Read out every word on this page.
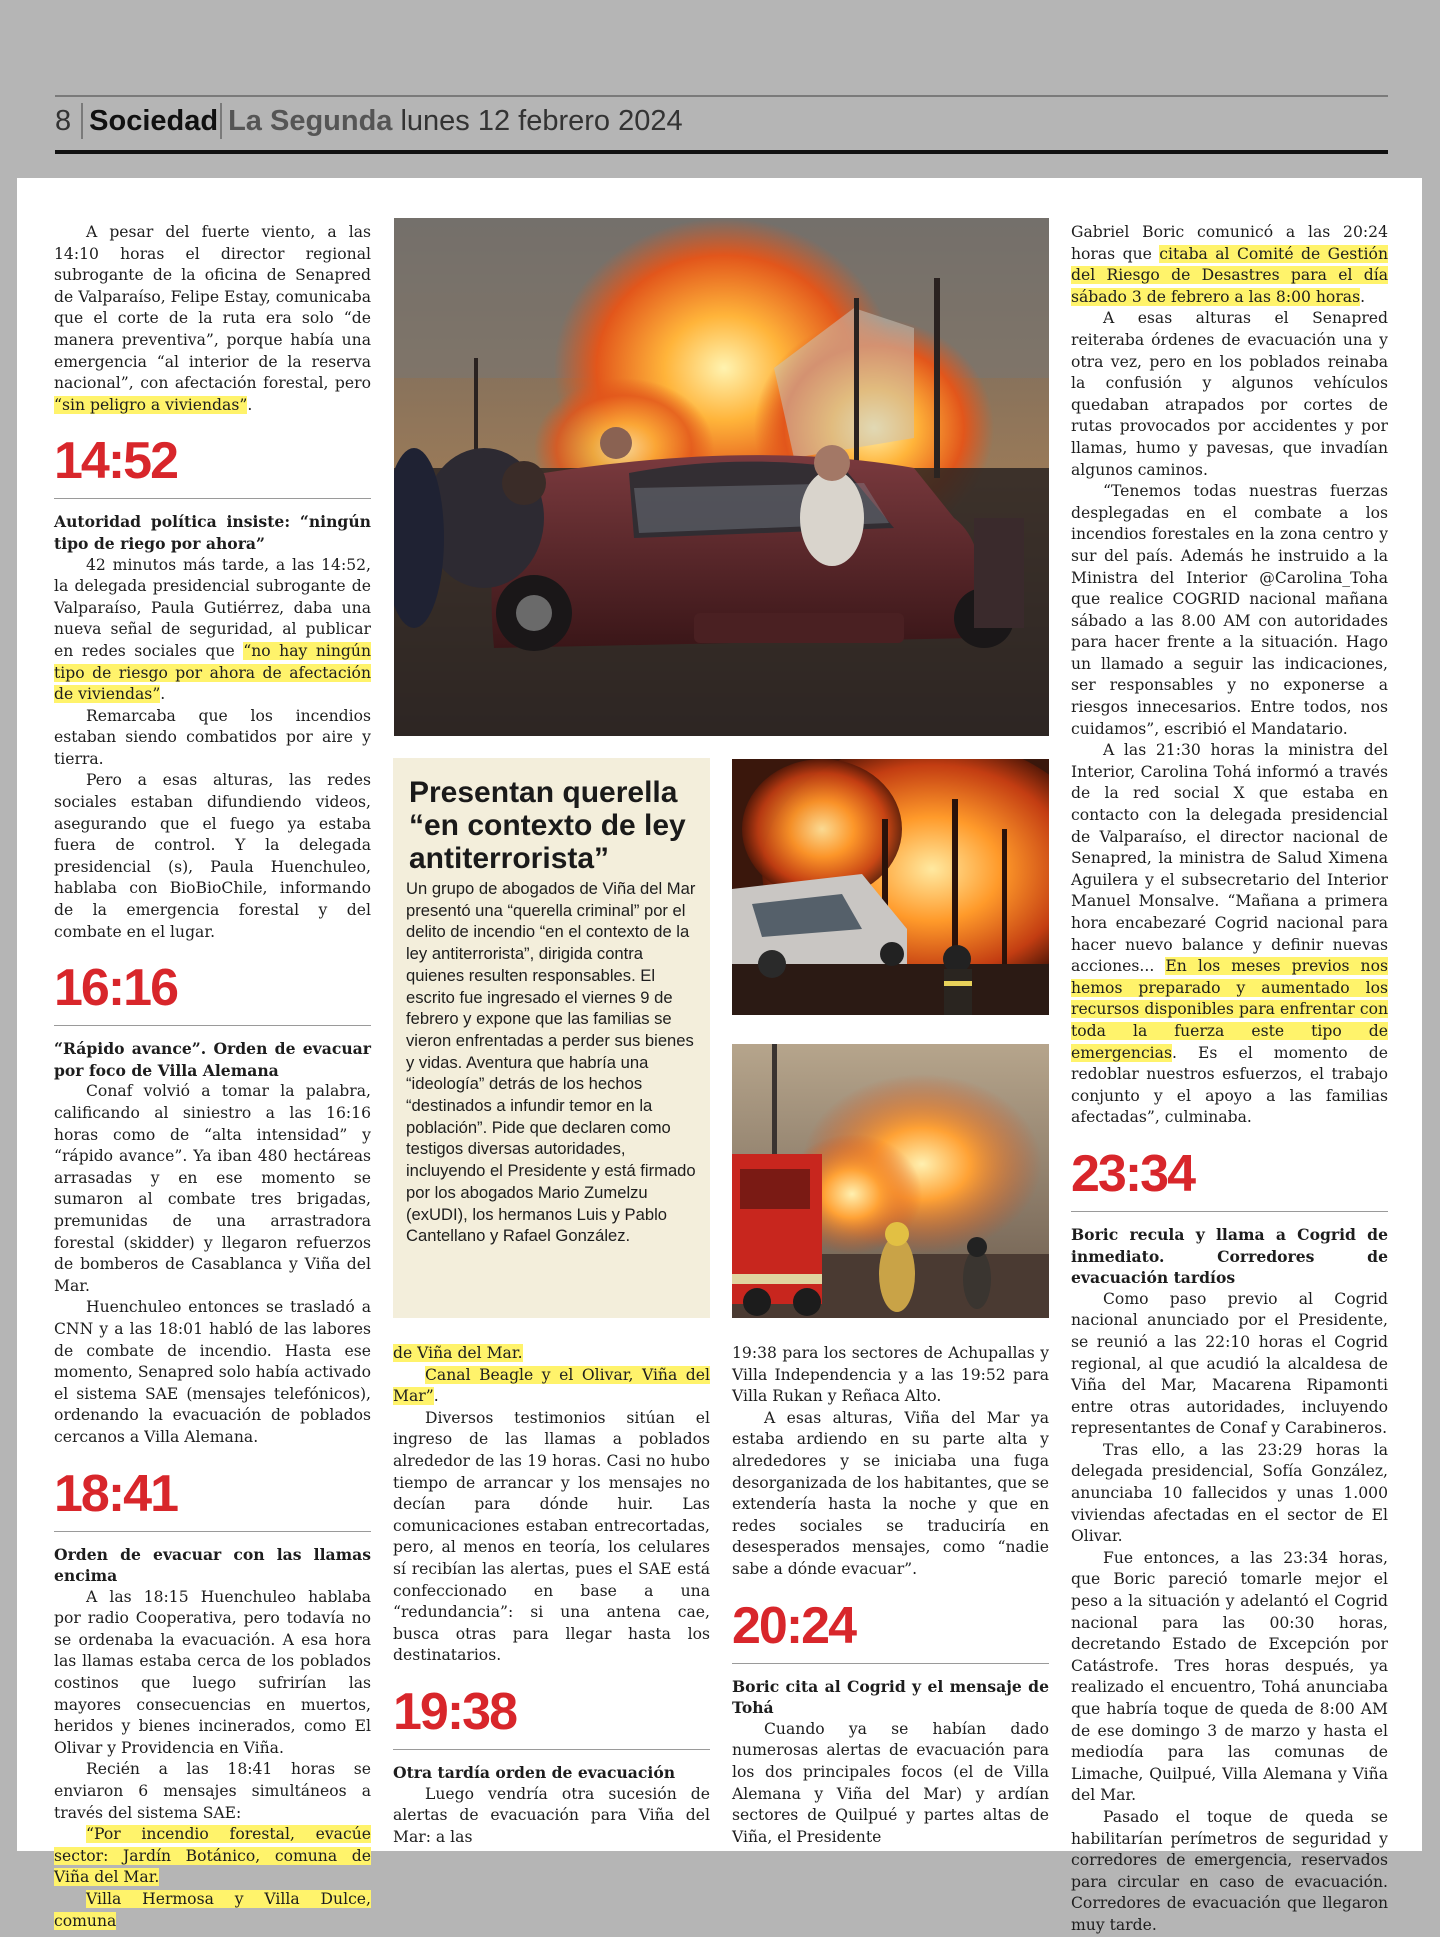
8 Sociedad La Segunda lunes 12 febrero 2024

A pesar del fuerte viento, a las 14:10 horas el director regional subrogante de la oficina de Senapred de Valparaíso, Felipe Estay, comunicaba que el corte de la ruta era solo “de manera preventiva”, porque había una emergencia “al interior de la reserva nacional”, con afectación forestal, pero “sin peligro a viviendas”.

14:52

Autoridad política insiste: “ningún tipo de riego por ahora”

42 minutos más tarde, a las 14:52, la delegada presidencial subrogante de Valparaíso, Paula Gutiérrez, daba una nueva señal de seguridad, al publicar en redes sociales que “no hay ningún tipo de riesgo por ahora de afectación de viviendas”.

Remarcaba que los incendios estaban siendo combatidos por aire y tierra.

Pero a esas alturas, las redes sociales estaban difundiendo videos, asegurando que el fuego ya estaba fuera de control. Y la delegada presidencial (s), Paula Huenchuleo, hablaba con BioBioChile, informando de la emergencia forestal y del combate en el lugar.

16:16

“Rápido avance”. Orden de evacuar por foco de Villa Alemana

Conaf volvió a tomar la palabra, calificando al siniestro a las 16:16 horas como de “alta intensidad” y “rápido avance”. Ya iban 480 hectáreas arrasadas y en ese momento se sumaron al combate tres brigadas, premunidas de una arrastradora forestal (skidder) y llegaron refuerzos de bomberos de Casablanca y Viña del Mar.

Huenchuleo entonces se trasladó a CNN y a las 18:01 habló de las labores de combate de incendio. Hasta ese momento, Senapred solo había activado el sistema SAE (mensajes telefónicos), ordenando la evacuación de poblados cercanos a Villa Alemana.

18:41

Orden de evacuar con las llamas encima

A las 18:15 Huenchuleo hablaba por radio Cooperativa, pero todavía no se ordenaba la evacuación. A esa hora las llamas estaba cerca de los poblados costinos que luego sufrirían las mayores consecuencias en muertos, heridos y bienes incinerados, como El Olivar y Providencia en Viña.

Recién a las 18:41 horas se enviaron 6 mensajes simultáneos a través del sistema SAE:

“Por incendio forestal, evacúe sector: Jardín Botánico, comuna de Viña del Mar.

Villa Hermosa y Villa Dulce, comuna

Presentan querella “en contexto de ley antiterrorista”
Un grupo de abogados de Viña del Mar presentó una “querella criminal” por el delito de incendio “en el contexto de la ley antiterrorista”, dirigida contra quienes resulten responsables. El escrito fue ingresado el viernes 9 de febrero y expone que las familias se vieron enfrentadas a perder sus bienes y vidas. Aventura que habría una “ideología” detrás de los hechos “destinados a infundir temor en la población”. Pide que declaren como testigos diversas autoridades, incluyendo el Presidente y está firmado por los abogados Mario Zumelzu (exUDI), los hermanos Luis y Pablo Cantellano y Rafael González.

de Viña del Mar.

Canal Beagle y el Olivar, Viña del Mar”.

Diversos testimonios sitúan el ingreso de las llamas a poblados alrededor de las 19 horas. Casi no hubo tiempo de arrancar y los mensajes no decían para dónde huir. Las comunicaciones estaban entrecortadas, pero, al menos en teoría, los celulares sí recibían las alertas, pues el SAE está confeccionado en base a una “redundancia”: si una antena cae, busca otras para llegar hasta los destinatarios.

19:38

Otra tardía orden de evacuación

Luego vendría otra sucesión de alertas de evacuación para Viña del Mar: a las

19:38 para los sectores de Achupallas y Villa Independencia y a las 19:52 para Villa Rukan y Reñaca Alto.

A esas alturas, Viña del Mar ya estaba ardiendo en su parte alta y alrededores y se iniciaba una fuga desorganizada de los habitantes, que se extendería hasta la noche y que en redes sociales se traduciría en desesperados mensajes, como “nadie sabe a dónde evacuar”.

20:24

Boric cita al Cogrid y el mensaje de Tohá

Cuando ya se habían dado numerosas alertas de evacuación para los dos principales focos (el de Villa Alemana y Viña del Mar) y ardían sectores de Quilpué y partes altas de Viña, el Presidente

Gabriel Boric comunicó a las 20:24 horas que citaba al Comité de Gestión del Riesgo de Desastres para el día sábado 3 de febrero a las 8:00 horas.

A esas alturas el Senapred reiteraba órdenes de evacuación una y otra vez, pero en los poblados reinaba la confusión y algunos vehículos quedaban atrapados por cortes de rutas provocados por accidentes y por llamas, humo y pavesas, que invadían algunos caminos.

“Tenemos todas nuestras fuerzas desplegadas en el combate a los incendios forestales en la zona centro y sur del país. Además he instruido a la Ministra del Interior @Carolina_Toha que realice COGRID nacional mañana sábado a las 8.00 AM con autoridades para hacer frente a la situación. Hago un llamado a seguir las indicaciones, ser responsables y no exponerse a riesgos innecesarios. Entre todos, nos cuidamos”, escribió el Mandatario.

A las 21:30 horas la ministra del Interior, Carolina Tohá informó a través de la red social X que estaba en contacto con la delegada presidencial de Valparaíso, el director nacional de Senapred, la ministra de Salud Ximena Aguilera y el subsecretario del Interior Manuel Monsalve. “Mañana a primera hora encabezaré Cogrid nacional para hacer nuevo balance y definir nuevas acciones... En los meses previos nos hemos preparado y aumentado los recursos disponibles para enfrentar con toda la fuerza este tipo de emergencias. Es el momento de redoblar nuestros esfuerzos, el trabajo conjunto y el apoyo a las familias afectadas”, culminaba.

23:34

Boric recula y llama a Cogrid de inmediato. Corredores de evacuación tardíos

Como paso previo al Cogrid nacional anunciado por el Presidente, se reunió a las 22:10 horas el Cogrid regional, al que acudió la alcaldesa de Viña del Mar, Macarena Ripamonti entre otras autoridades, incluyendo representantes de Conaf y Carabineros.

Tras ello, a las 23:29 horas la delegada presidencial, Sofía González, anunciaba 10 fallecidos y unas 1.000 viviendas afectadas en el sector de El Olivar.

Fue entonces, a las 23:34 horas, que Boric pareció tomarle mejor el peso a la situación y adelantó el Cogrid nacional para las 00:30 horas, decretando Estado de Excepción por Catástrofe. Tres horas después, ya realizado el encuentro, Tohá anunciaba que habría toque de queda de 8:00 AM de ese domingo 3 de marzo y hasta el mediodía para las comunas de Limache, Quilpué, Villa Alemana y Viña del Mar.

Pasado el toque de queda se habilitarían perímetros de seguridad y corredores de emergencia, reservados para circular en caso de evacuación. Corredores de evacuación que llegaron muy tarde.
